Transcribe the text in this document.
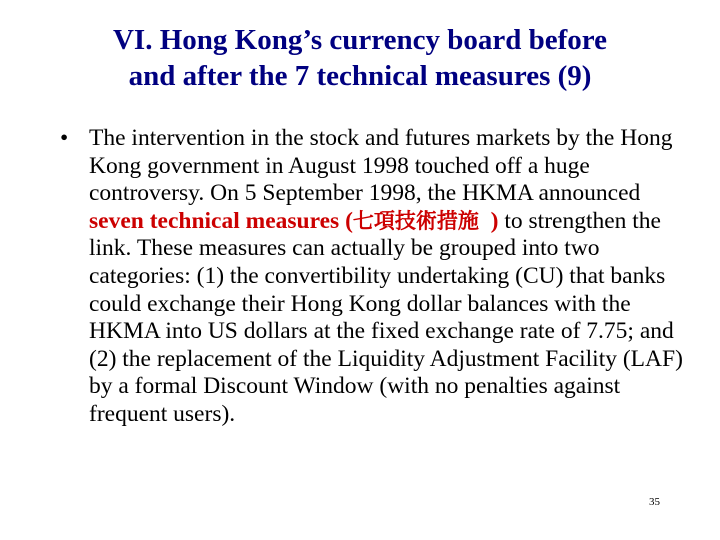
VI. Hong Kong’s currency board before
and after the 7 technical measures (9)
• The intervention in the stock and futures markets by the Hong Kong government in August 1998 touched off a huge controversy. On 5 September 1998, the HKMA announced seven technical measures (七項技術措施  ) to strengthen the link. These measures can actually be grouped into two categories: (1) the convertibility undertaking (CU) that banks could exchange their Hong Kong dollar balances with the HKMA into US dollars at the fixed exchange rate of 7.75; and (2) the replacement of the Liquidity Adjustment Facility (LAF) by a formal Discount Window (with no penalties against frequent users).
35
